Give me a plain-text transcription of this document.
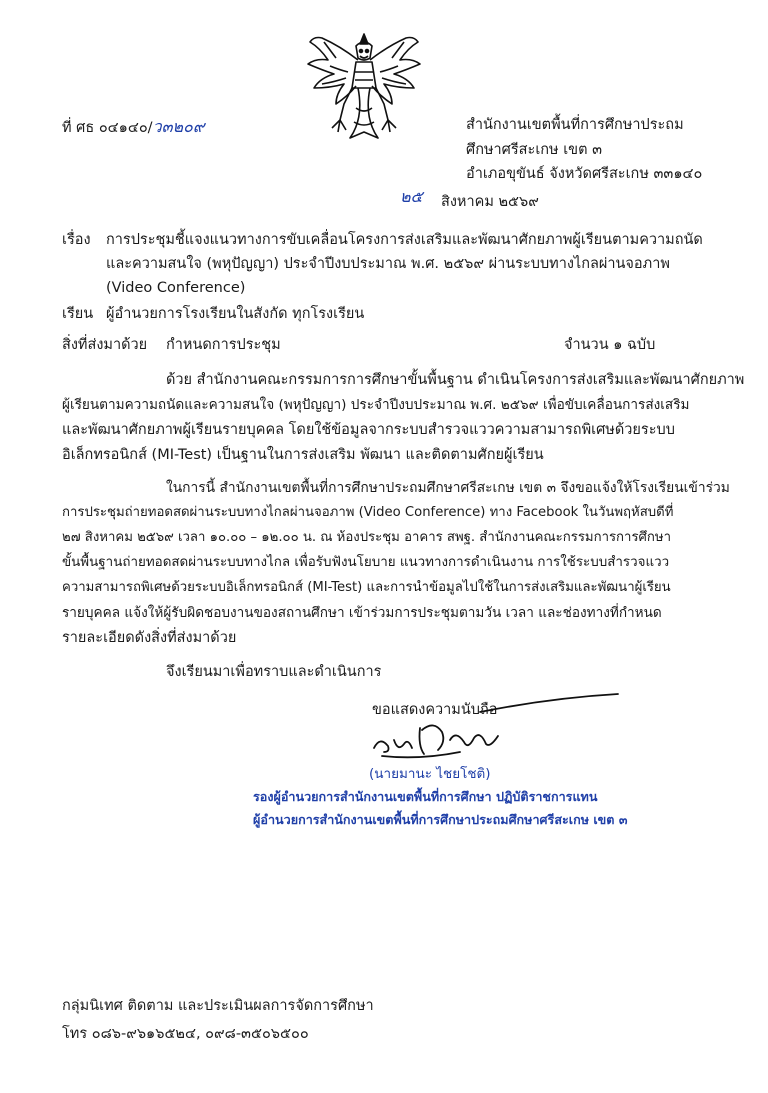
ที่ ศธ ๐๔๑๔๐/ว๓๒๐๙	สำนักงานเขตพื้นที่การศึกษาประถม
ศึกษาศรีสะเกษ เขต ๓
อำเภอขุขันธ์ จังหวัดศรีสะเกษ ๓๓๑๔๐
๒๕ สิงหาคม ๒๕๖๙
เรื่อง การประชุมชี้แจงแนวทางการขับเคลื่อนโครงการส่งเสริมและพัฒนาศักยภาพผู้เรียนตามความถนัด
และความสนใจ (พหุปัญญา) ประจำปีงบประมาณ พ.ศ. ๒๕๖๙ ผ่านระบบทางไกลผ่านจอภาพ
(Video Conference)
เรียน ผู้อำนวยการโรงเรียนในสังกัด ทุกโรงเรียน
สิ่งที่ส่งมาด้วย กำหนดการประชุม	จำนวน ๑ ฉบับ
ด้วย สำนักงานคณะกรรมการการศึกษาขั้นพื้นฐาน ดำเนินโครงการส่งเสริมและพัฒนาศักยภาพ
ผู้เรียนตามความถนัดและความสนใจ (พหุปัญญา) ประจำปีงบประมาณ พ.ศ. ๒๕๖๙ เพื่อขับเคลื่อนการส่งเสริม
และพัฒนาศักยภาพผู้เรียนรายบุคคล โดยใช้ข้อมูลจากระบบสำรวจแววความสามารถพิเศษด้วยระบบ
อิเล็กทรอนิกส์ (MI-Test) เป็นฐานในการส่งเสริม พัฒนา และติดตามศักยผู้เรียน
ในการนี้ สำนักงานเขตพื้นที่การศึกษาประถมศึกษาศรีสะเกษ เขต ๓ จึงขอแจ้งให้โรงเรียนเข้าร่วม
การประชุมถ่ายทอดสดผ่านระบบทางไกลผ่านจอภาพ (Video Conference) ทาง Facebook ในวันพฤหัสบดีที่
๒๗ สิงหาคม ๒๕๖๙ เวลา ๑๐.๐๐ – ๑๒.๐๐ น. ณ ห้องประชุม อาคาร สพฐ. สำนักงานคณะกรรมการการศึกษา
ขั้นพื้นฐานถ่ายทอดสดผ่านระบบทางไกล เพื่อรับฟังนโยบาย แนวทางการดำเนินงาน การใช้ระบบสำรวจแวว
ความสามารถพิเศษด้วยระบบอิเล็กทรอนิกส์ (MI-Test) และการนำข้อมูลไปใช้ในการส่งเสริมและพัฒนาผู้เรียน
รายบุคคล แจ้งให้ผู้รับผิดชอบงานของสถานศึกษา เข้าร่วมการประชุมตามวัน เวลา และช่องทางที่กำหนด
รายละเอียดดังสิ่งที่ส่งมาด้วย
จึงเรียนมาเพื่อทราบและดำเนินการ
ขอแสดงความนับถือ
(นายมานะ ไชยโชติ)
รองผู้อำนวยการสำนักงานเขตพื้นที่การศึกษา ปฏิบัติราชการแทน
ผู้อำนวยการสำนักงานเขตพื้นที่การศึกษาประถมศึกษาศรีสะเกษ เขต ๓
กลุ่มนิเทศ ติดตาม และประเมินผลการจัดการศึกษา
โทร ๐๘๖-๙๖๑๖๕๒๔, ๐๙๘-๓๕๐๖๕๐๐
